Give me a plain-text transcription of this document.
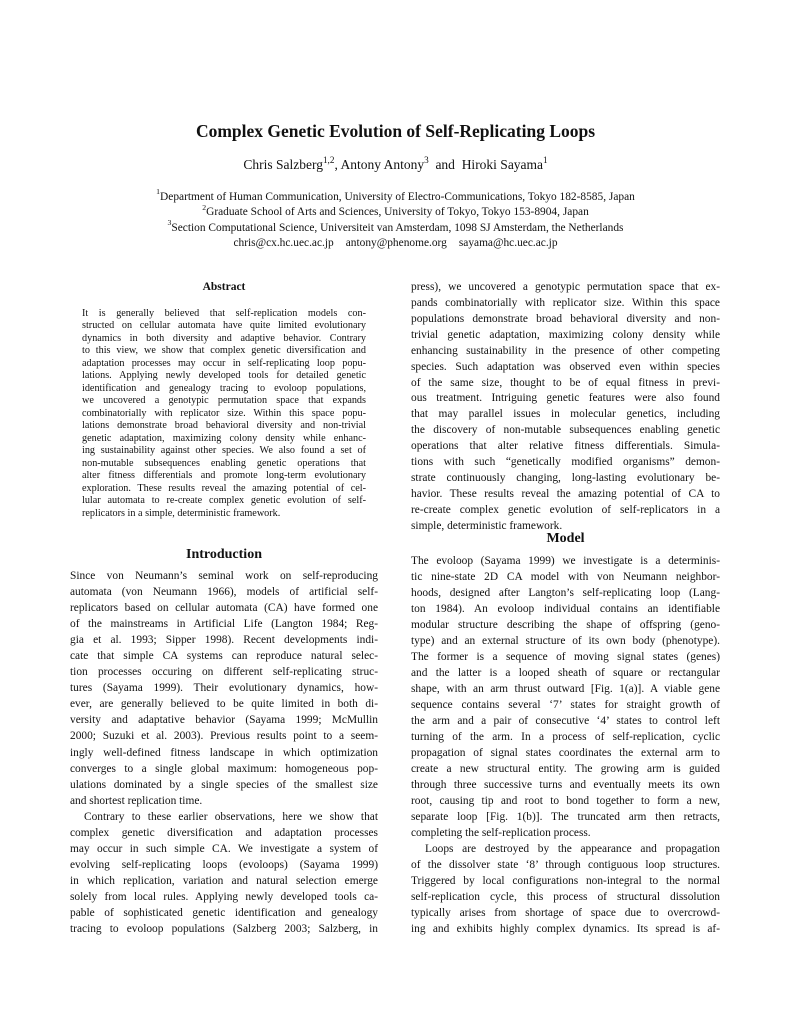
Complex Genetic Evolution of Self-Replicating Loops
Chris Salzberg$^{1,2}$, Antony Antony$^3$  and  Hiroki Sayama$^1$
$^1$Department of Human Communication, University of Electro-Communications, Tokyo 182-8585, Japan
$^2$Graduate School of Arts and Sciences, University of Tokyo, Tokyo 153-8904, Japan
$^3$Section Computational Science, Universiteit van Amsterdam, 1098 SJ Amsterdam, the Netherlands
chris@cx.hc.uec.ac.jp antony@phenome.org sayama@hc.uec.ac.jp
Abstract
It is generally believed that self-replication models con-
structed on cellular automata have quite limited evolutionary
dynamics in both diversity and adaptive behavior. Contrary
to this view, we show that complex genetic diversification and
adaptation processes may occur in self-replicating loop popu-
lations. Applying newly developed tools for detailed genetic
identification and genealogy tracing to evoloop populations,
we uncovered a genotypic permutation space that expands
combinatorially with replicator size. Within this space popu-
lations demonstrate broad behavioral diversity and non-trivial
genetic adaptation, maximizing colony density while enhanc-
ing sustainability against other species. We also found a set of
non-mutable subsequences enabling genetic operations that
alter fitness differentials and promote long-term evolutionary
exploration. These results reveal the amazing potential of cel-
lular automata to re-create complex genetic evolution of self-
replicators in a simple, deterministic framework.
Introduction
Since von Neumann’s seminal work on self-reproducing
automata (von Neumann 1966), models of artificial self-
replicators based on cellular automata (CA) have formed one
of the mainstreams in Artificial Life (Langton 1984; Reg-
gia et al. 1993; Sipper 1998). Recent developments indi-
cate that simple CA systems can reproduce natural selec-
tion processes occuring on different self-replicating struc-
tures (Sayama 1999). Their evolutionary dynamics, how-
ever, are generally believed to be quite limited in both di-
versity and adaptative behavior (Sayama 1999; McMullin
2000; Suzuki et al. 2003). Previous results point to a seem-
ingly well-defined fitness landscape in which optimization
converges to a single global maximum: homogeneous pop-
ulations dominated by a single species of the smallest size
and shortest replication time.
Contrary to these earlier observations, here we show that
complex genetic diversification and adaptation processes
may occur in such simple CA. We investigate a system of
evolving self-replicating loops (evoloops) (Sayama 1999)
in which replication, variation and natural selection emerge
solely from local rules. Applying newly developed tools ca-
pable of sophisticated genetic identification and genealogy
tracing to evoloop populations (Salzberg 2003; Salzberg, in
press), we uncovered a genotypic permutation space that ex-
pands combinatorially with replicator size. Within this space
populations demonstrate broad behavioral diversity and non-
trivial genetic adaptation, maximizing colony density while
enhancing sustainability in the presence of other competing
species. Such adaptation was observed even within species
of the same size, thought to be of equal fitness in previ-
ous treatment. Intriguing genetic features were also found
that may parallel issues in molecular genetics, including
the discovery of non-mutable subsequences enabling genetic
operations that alter relative fitness differentials. Simula-
tions with such “genetically modified organisms” demon-
strate continuously changing, long-lasting evolutionary be-
havior. These results reveal the amazing potential of CA to
re-create complex genetic evolution of self-replicators in a
simple, deterministic framework.
Model
The evoloop (Sayama 1999) we investigate is a determinis-
tic nine-state 2D CA model with von Neumann neighbor-
hoods, designed after Langton’s self-replicating loop (Lang-
ton 1984). An evoloop individual contains an identifiable
modular structure describing the shape of offspring (geno-
type) and an external structure of its own body (phenotype).
The former is a sequence of moving signal states (genes)
and the latter is a looped sheath of square or rectangular
shape, with an arm thrust outward [Fig. 1(a)]. A viable gene
sequence contains several ‘7’ states for straight growth of
the arm and a pair of consecutive ‘4’ states to control left
turning of the arm. In a process of self-replication, cyclic
propagation of signal states coordinates the external arm to
create a new structural entity. The growing arm is guided
through three successive turns and eventually meets its own
root, causing tip and root to bond together to form a new,
separate loop [Fig. 1(b)]. The truncated arm then retracts,
completing the self-replication process.
Loops are destroyed by the appearance and propagation
of the dissolver state ‘8’ through contiguous loop structures.
Triggered by local configurations non-integral to the normal
self-replication cycle, this process of structural dissolution
typically arises from shortage of space due to overcrowd-
ing and exhibits highly complex dynamics. Its spread is af-
